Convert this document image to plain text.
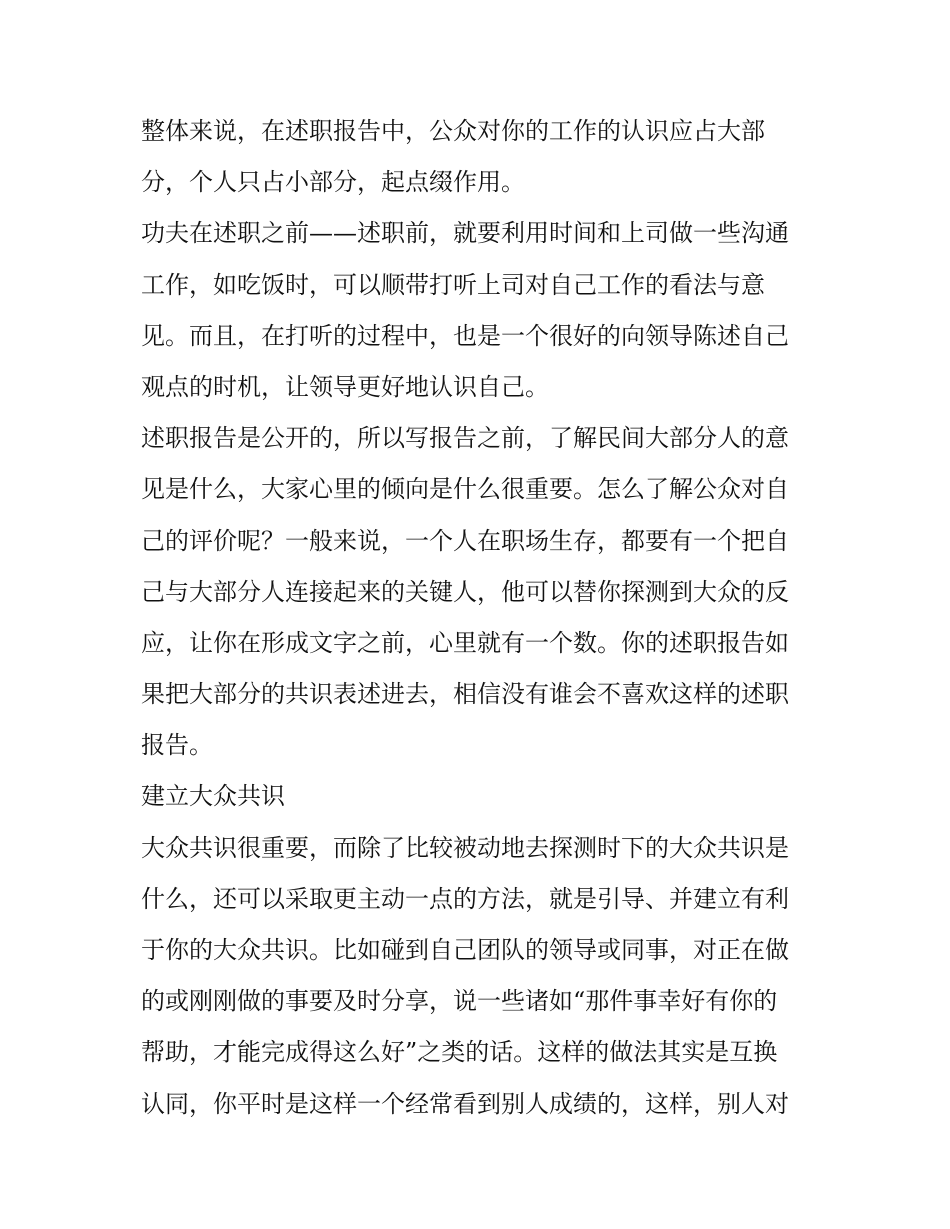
整体来说，在述职报告中，公众对你的工作的认识应占大部
分，个人只占小部分，起点缀作用。
功夫在述职之前——述职前，就要利用时间和上司做一些沟通
工作，如吃饭时，可以顺带打听上司对自己工作的看法与意
见。而且，在打听的过程中，也是一个很好的向领导陈述自己
观点的时机，让领导更好地认识自己。
述职报告是公开的，所以写报告之前，了解民间大部分人的意
见是什么，大家心里的倾向是什么很重要。怎么了解公众对自
己的评价呢？一般来说，一个人在职场生存，都要有一个把自
己与大部分人连接起来的关键人，他可以替你探测到大众的反
应，让你在形成文字之前，心里就有一个数。你的述职报告如
果把大部分的共识表述进去，相信没有谁会不喜欢这样的述职
报告。
建立大众共识
大众共识很重要，而除了比较被动地去探测时下的大众共识是
什么，还可以采取更主动一点的方法，就是引导、并建立有利
于你的大众共识。比如碰到自己团队的领导或同事，对正在做
的或刚刚做的事要及时分享，说一些诸如“那件事幸好有你的
帮助，才能完成得这么好”之类的话。这样的做法其实是互换
认同，你平时是这样一个经常看到别人成绩的，这样，别人对
